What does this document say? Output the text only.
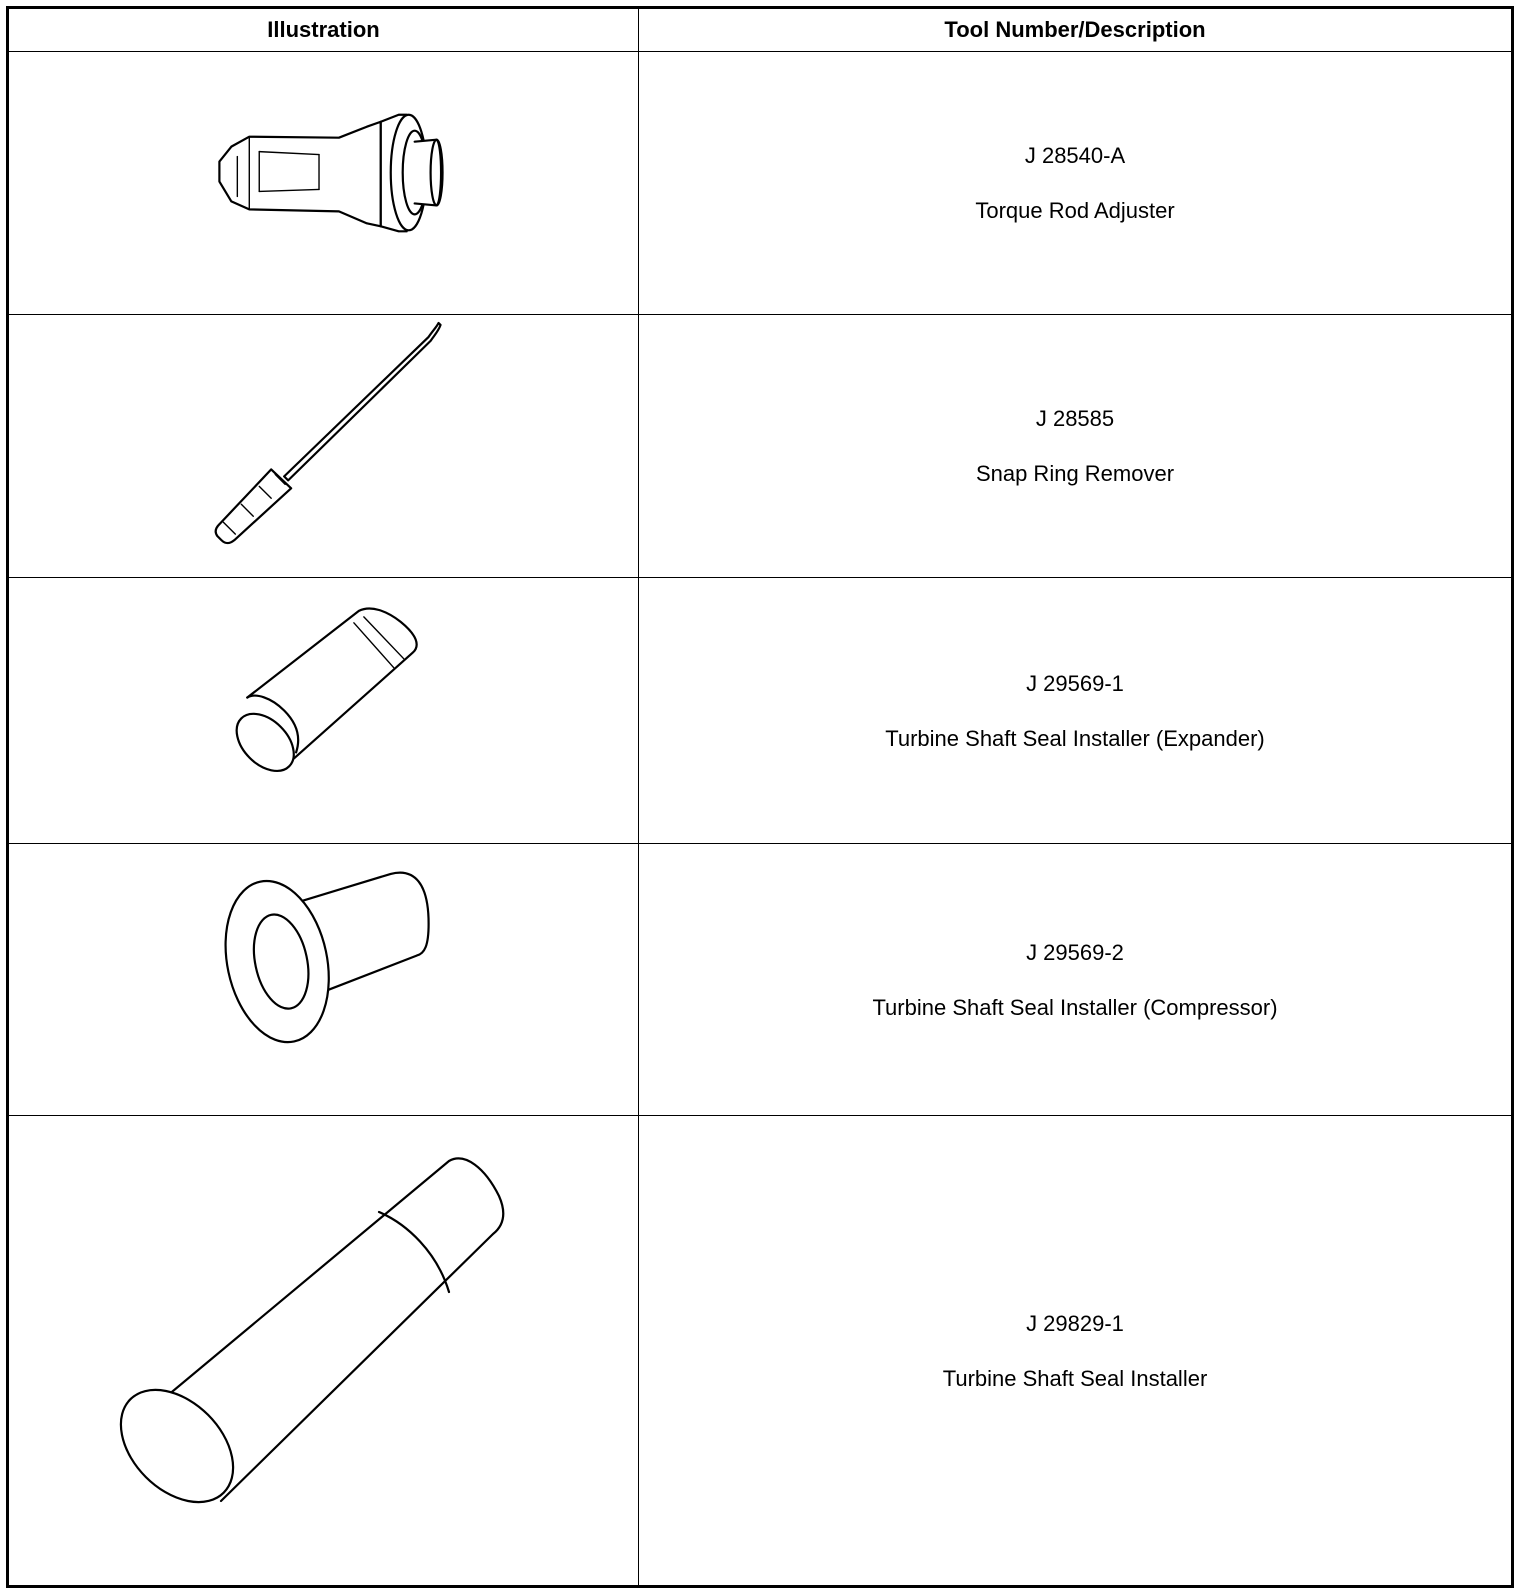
Illustration	Tool Number/Description
J 28540-A
Torque Rod Adjuster
J 28585
Snap Ring Remover
J 29569-1
Turbine Shaft Seal Installer (Expander)
J 29569-2
Turbine Shaft Seal Installer (Compressor)
J 29829-1
Turbine Shaft Seal Installer
